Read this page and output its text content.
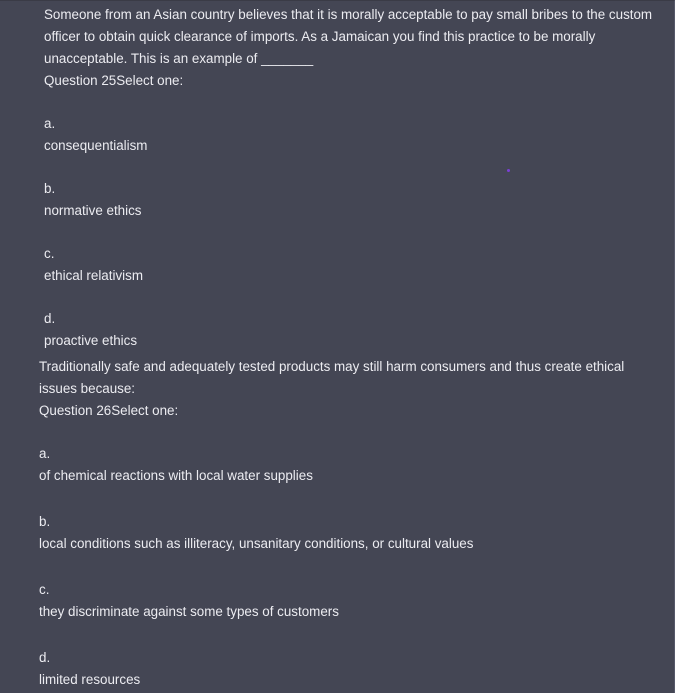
Someone from an Asian country believes that it is morally acceptable to pay small bribes to the custom officer to obtain quick clearance of imports. As a Jamaican you find this practice to be morally unacceptable. This is an example of _______

Question 25Select one:

a.
consequentialism
b.
normative ethics
c.
ethical relativism
d.
proactive ethics

Traditionally safe and adequately tested products may still harm consumers and thus create ethical issues because:

Question 26Select one:

a.
of chemical reactions with local water supplies
b.
local conditions such as illiteracy, unsanitary conditions, or cultural values
c.
they discriminate against some types of customers
d.
limited resources
